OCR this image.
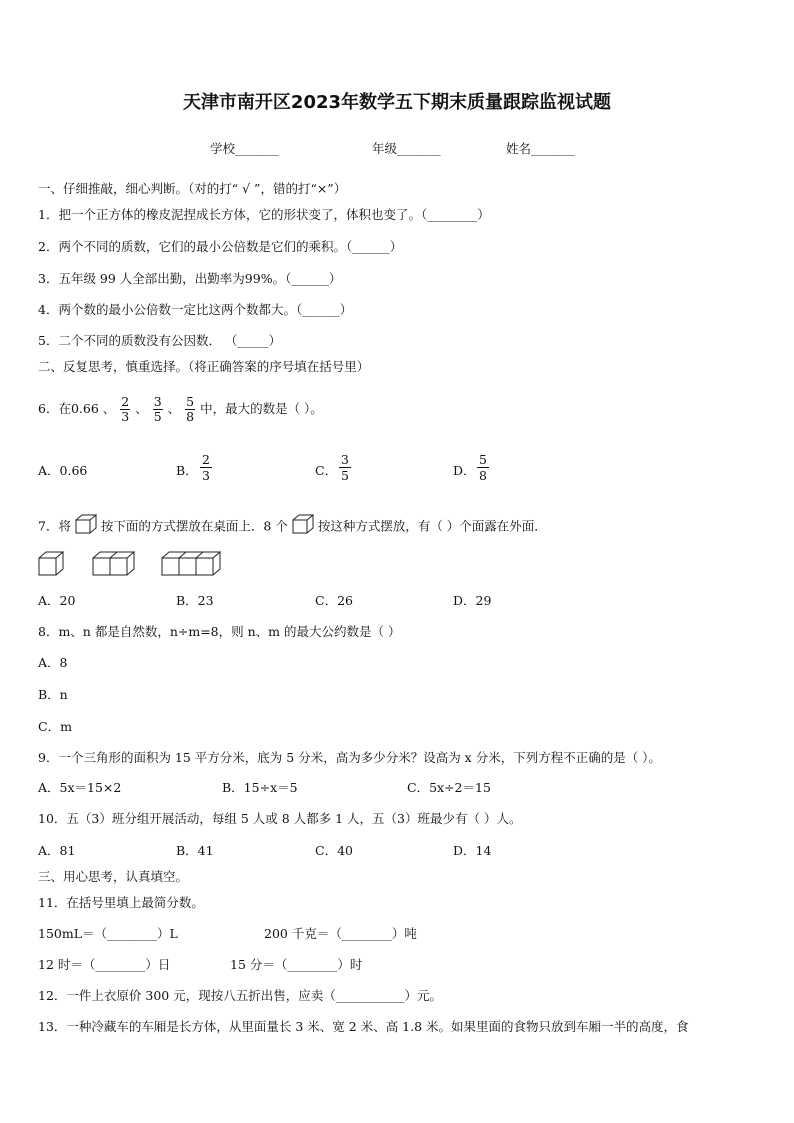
天津市南开区2023年数学五下期末质量跟踪监视试题
学校_______	年级_______	姓名_______
一、仔细推敲，细心判断。（对的打“ √ ”，错的打“×”）
1．把一个正方体的橡皮泥捏成长方体，它的形状变了，体积也变了。（________）
2．两个不同的质数，它们的最小公倍数是它们的乘积。（______）
3．五年级 99 人全部出勤，出勤率为99%。（______）
4．两个数的最小公倍数一定比这两个数都大。（______）
5．二个不同的质数没有公因数． （_____）
二、反复思考，慎重选择。（将正确答案的序号填在括号里）
6．在0.66 、 $\frac{2}{3}$ 、 $\frac{3}{5}$ 、 $\frac{5}{8}$ 中，最大的数是（ ）。
A．0.66	B． $\frac{2}{3}$	C． $\frac{3}{5}$	D． $\frac{5}{8}$
7．将 按下面的方式摆放在桌面上．8 个 按这种方式摆放，有（ ）个面露在外面．
A．20	B．23	C．26	D．29
8．m、n 都是自然数，n÷m=8，则 n、m 的最大公约数是（ ）
A．8
B．n
C．m
9．一个三角形的面积为 15 平方分米，底为 5 分米，高为多少分米？设高为 x 分米，下列方程不正确的是（ ）。
A．5x＝15×2	B．15÷x＝5	C．5x÷2＝15
10．五（3）班分组开展活动，每组 5 人或 8 人都多 1 人，五（3）班最少有（ ）人。
A．81	B．41	C．40	D．14
三、用心思考，认真填空。
11．在括号里填上最简分数。
150mL＝（________）L	200 千克＝（________）吨
12 时＝（________）日	15 分＝（________）时
12．一件上衣原价 300 元，现按八五折出售，应卖（___________）元。
13．一种冷藏车的车厢是长方体，从里面量长 3 米、宽 2 米、高 1.8 米。如果里面的食物只放到车厢一半的高度，食
